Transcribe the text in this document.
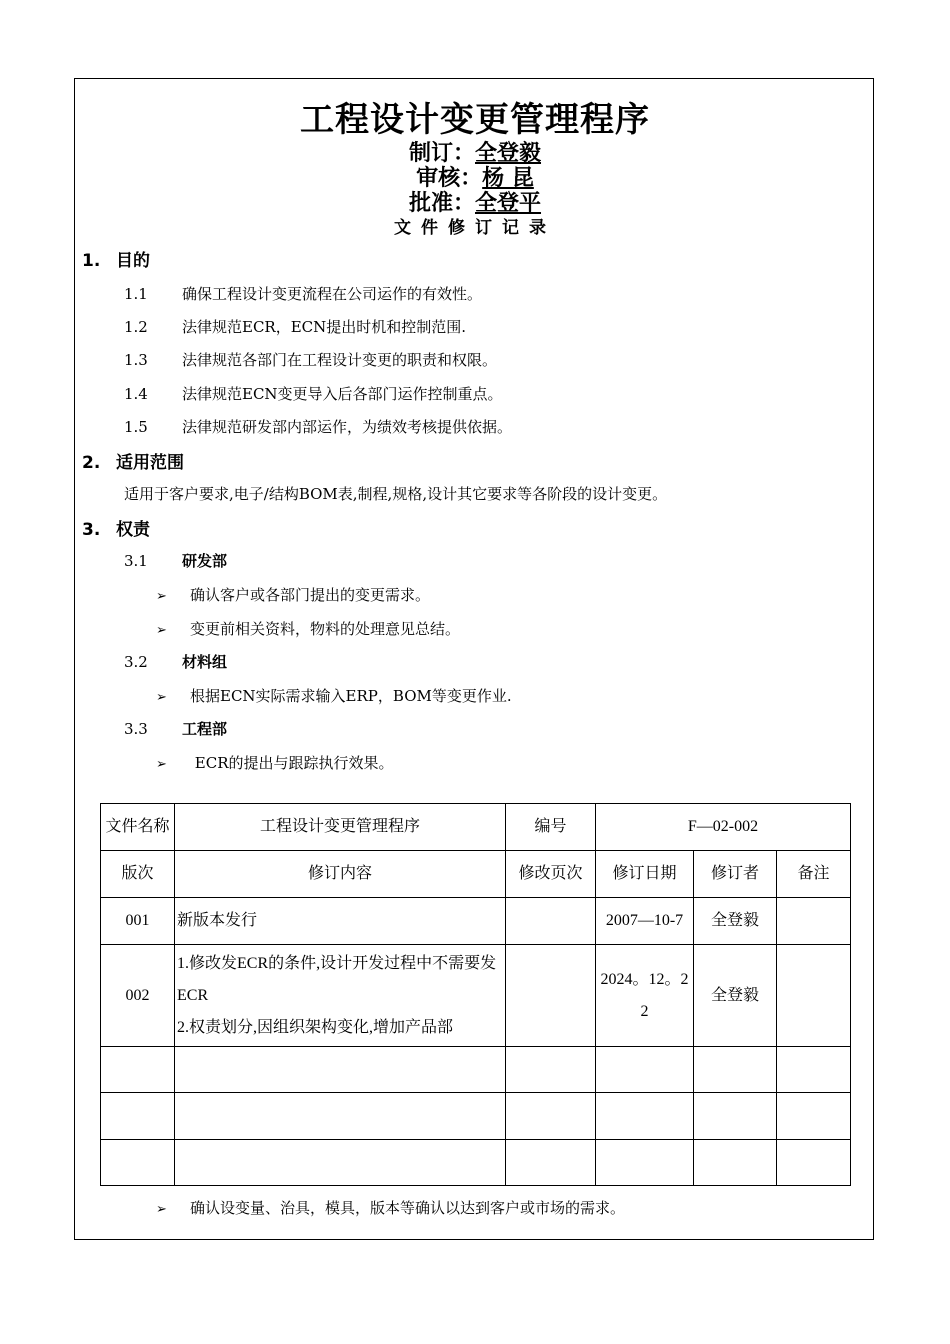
工程设计变更管理程序
制订：全登毅
审核：杨 昆
批准：全登平
文件修订记录
1. 目的
1.1 确保工程设计变更流程在公司运作的有效性。
1.2 法律规范ECR，ECN提出时机和控制范围.
1.3 法律规范各部门在工程设计变更的职责和权限。
1.4 法律规范ECN变更导入后各部门运作控制重点。
1.5 法律规范研发部内部运作，为绩效考核提供依据。
2. 适用范围
适用于客户要求,电子/结构BOM表,制程,规格,设计其它要求等各阶段的设计变更。
3. 权责
3.1 研发部
➢ 确认客户或各部门提出的变更需求。
➢ 变更前相关资料，物料的处理意见总结。
3.2 材料组
➢ 根据ECN实际需求输入ERP，BOM等变更作业.
3.3 工程部
➢ ECR的提出与跟踪执行效果。
文件名称	工程设计变更管理程序	编号	F—02-002		
版次	修订内容	修改页次	修订日期	修订者	备注
001	新版本发行		2007—10-7	全登毅	
002	1.修改发ECR的条件,设计开发过程中不需要发ECR
2.权责划分,因组织架构变化,增加产品部		2024。12。22	全登毅	

➢ 确认设变量、治具，模具，版本等确认以达到客户或市场的需求。
